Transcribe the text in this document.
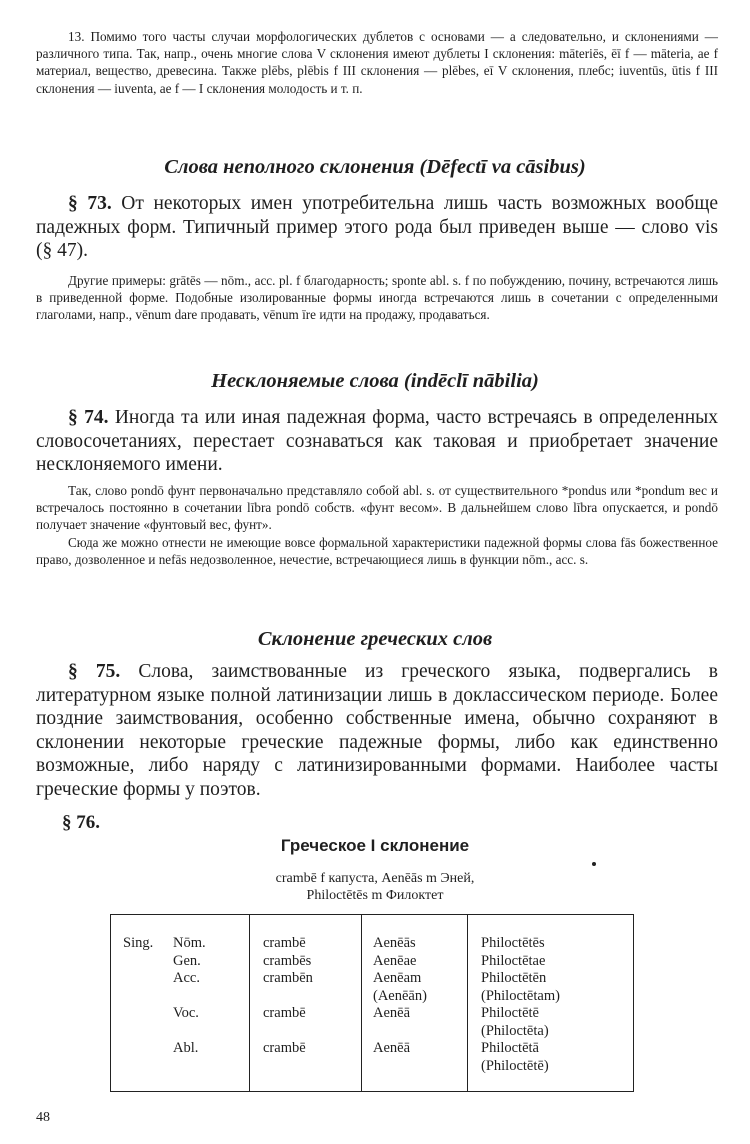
13. Помимо того часты случаи морфологических дублетов с основами — а следовательно, и склонениями — различного типа. Так, напр., очень многие слова V склонения имеют дублеты I склонения: māteriēs, ēī f — māteria, ae f материал, вещество, древесина. Также plēbs, plēbis f III склонения — plēbes, eī V склонения, плебс; iuventūs, ūtis f III склонения — iuventa, ae f — I склонения молодость и т. п.

Слова неполного склонения (Dēfectī va cāsibus)

§ 73. От некоторых имен употребительна лишь часть возможных вообще падежных форм. Типичный пример этого рода был приведен выше — слово vis (§ 47).

Другие примеры: grātēs — nōm., acc. pl. f благодарность; sponte abl. s. f по побуждению, почину, встречаются лишь в приведенной форме. Подобные изолированные формы иногда встречаются лишь в сочетании с определенными глаголами, напр., vēnum dare продавать, vēnum īre идти на продажу, продаваться.

Несклоняемые слова (indēclī nābilia)

§ 74. Иногда та или иная падежная форма, часто встречаясь в определенных словосочетаниях, перестает сознаваться как таковая и приобретает значение несклоняемого имени.

Так, слово pondō фунт первоначально представляло собой abl. s. от существительного *pondus или *pondum вес и встречалось постоянно в сочетании lībra pondō собств. «фунт весом». В дальнейшем слово lībra опускается, и pondō получает значение «фунтовый вес, фунт».

Сюда же можно отнести не имеющие вовсе формальной характеристики падежной формы слова fās божественное право, дозволенное и nefās недозволенное, нечестие, встречающиеся лишь в функции nōm., acc. s.

Склонение греческих слов

§ 75. Слова, заимствованные из греческого языка, подвергались в литературном языке полной латинизации лишь в доклассическом периоде. Более поздние заимствования, особенно собственные имена, обычно сохраняют в склонении некоторые греческие падежные формы, либо как единственно возможные, либо наряду с латинизированными формами. Наиболее часты греческие формы у поэтов.

§ 76.
Греческое I склонение
crambē f капуста, Aenēās m Эней,
Philoctētēs m Филоктет
Sing.	Nōm.
Gen.
Acc.
Voc.
Abl.
crambē
crambēs
crambēn
crambē
crambē
Aenēās
Aenēae
Aenēam
(Aenēān)
Aenēā
Aenēā
Philoctētēs
Philoctētae
Philoctētēn
(Philoctētam)
Philoctētē
(Philoctēta)
Philoctētā
(Philoctētē)
48
